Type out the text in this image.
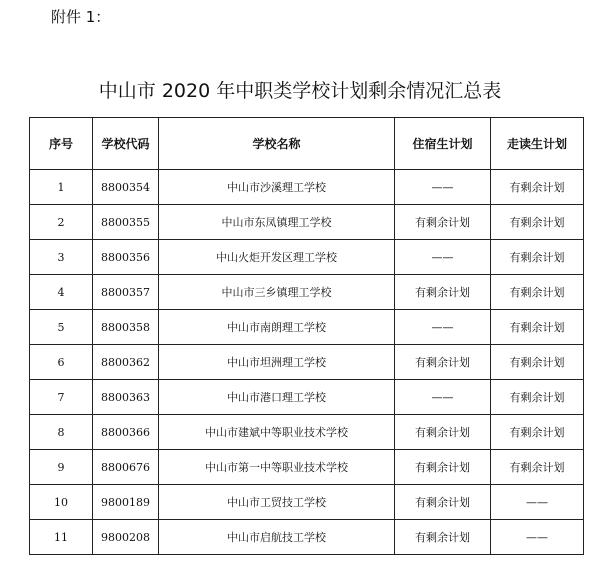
附件 1：
中山市 2020 年中职类学校计划剩余情况汇总表
序号	学校代码	学校名称	住宿生计划	走读生计划
1	8800354	中山市沙溪理工学校	——	有剩余计划
2	8800355	中山市东凤镇理工学校	有剩余计划	有剩余计划
3	8800356	中山火炬开发区理工学校	——	有剩余计划
4	8800357	中山市三乡镇理工学校	有剩余计划	有剩余计划
5	8800358	中山市南朗理工学校	——	有剩余计划
6	8800362	中山市坦洲理工学校	有剩余计划	有剩余计划
7	8800363	中山市港口理工学校	——	有剩余计划
8	8800366	中山市建斌中等职业技术学校	有剩余计划	有剩余计划
9	8800676	中山市第一中等职业技术学校	有剩余计划	有剩余计划
10	9800189	中山市工贸技工学校	有剩余计划	——
11	9800208	中山市启航技工学校	有剩余计划	——
